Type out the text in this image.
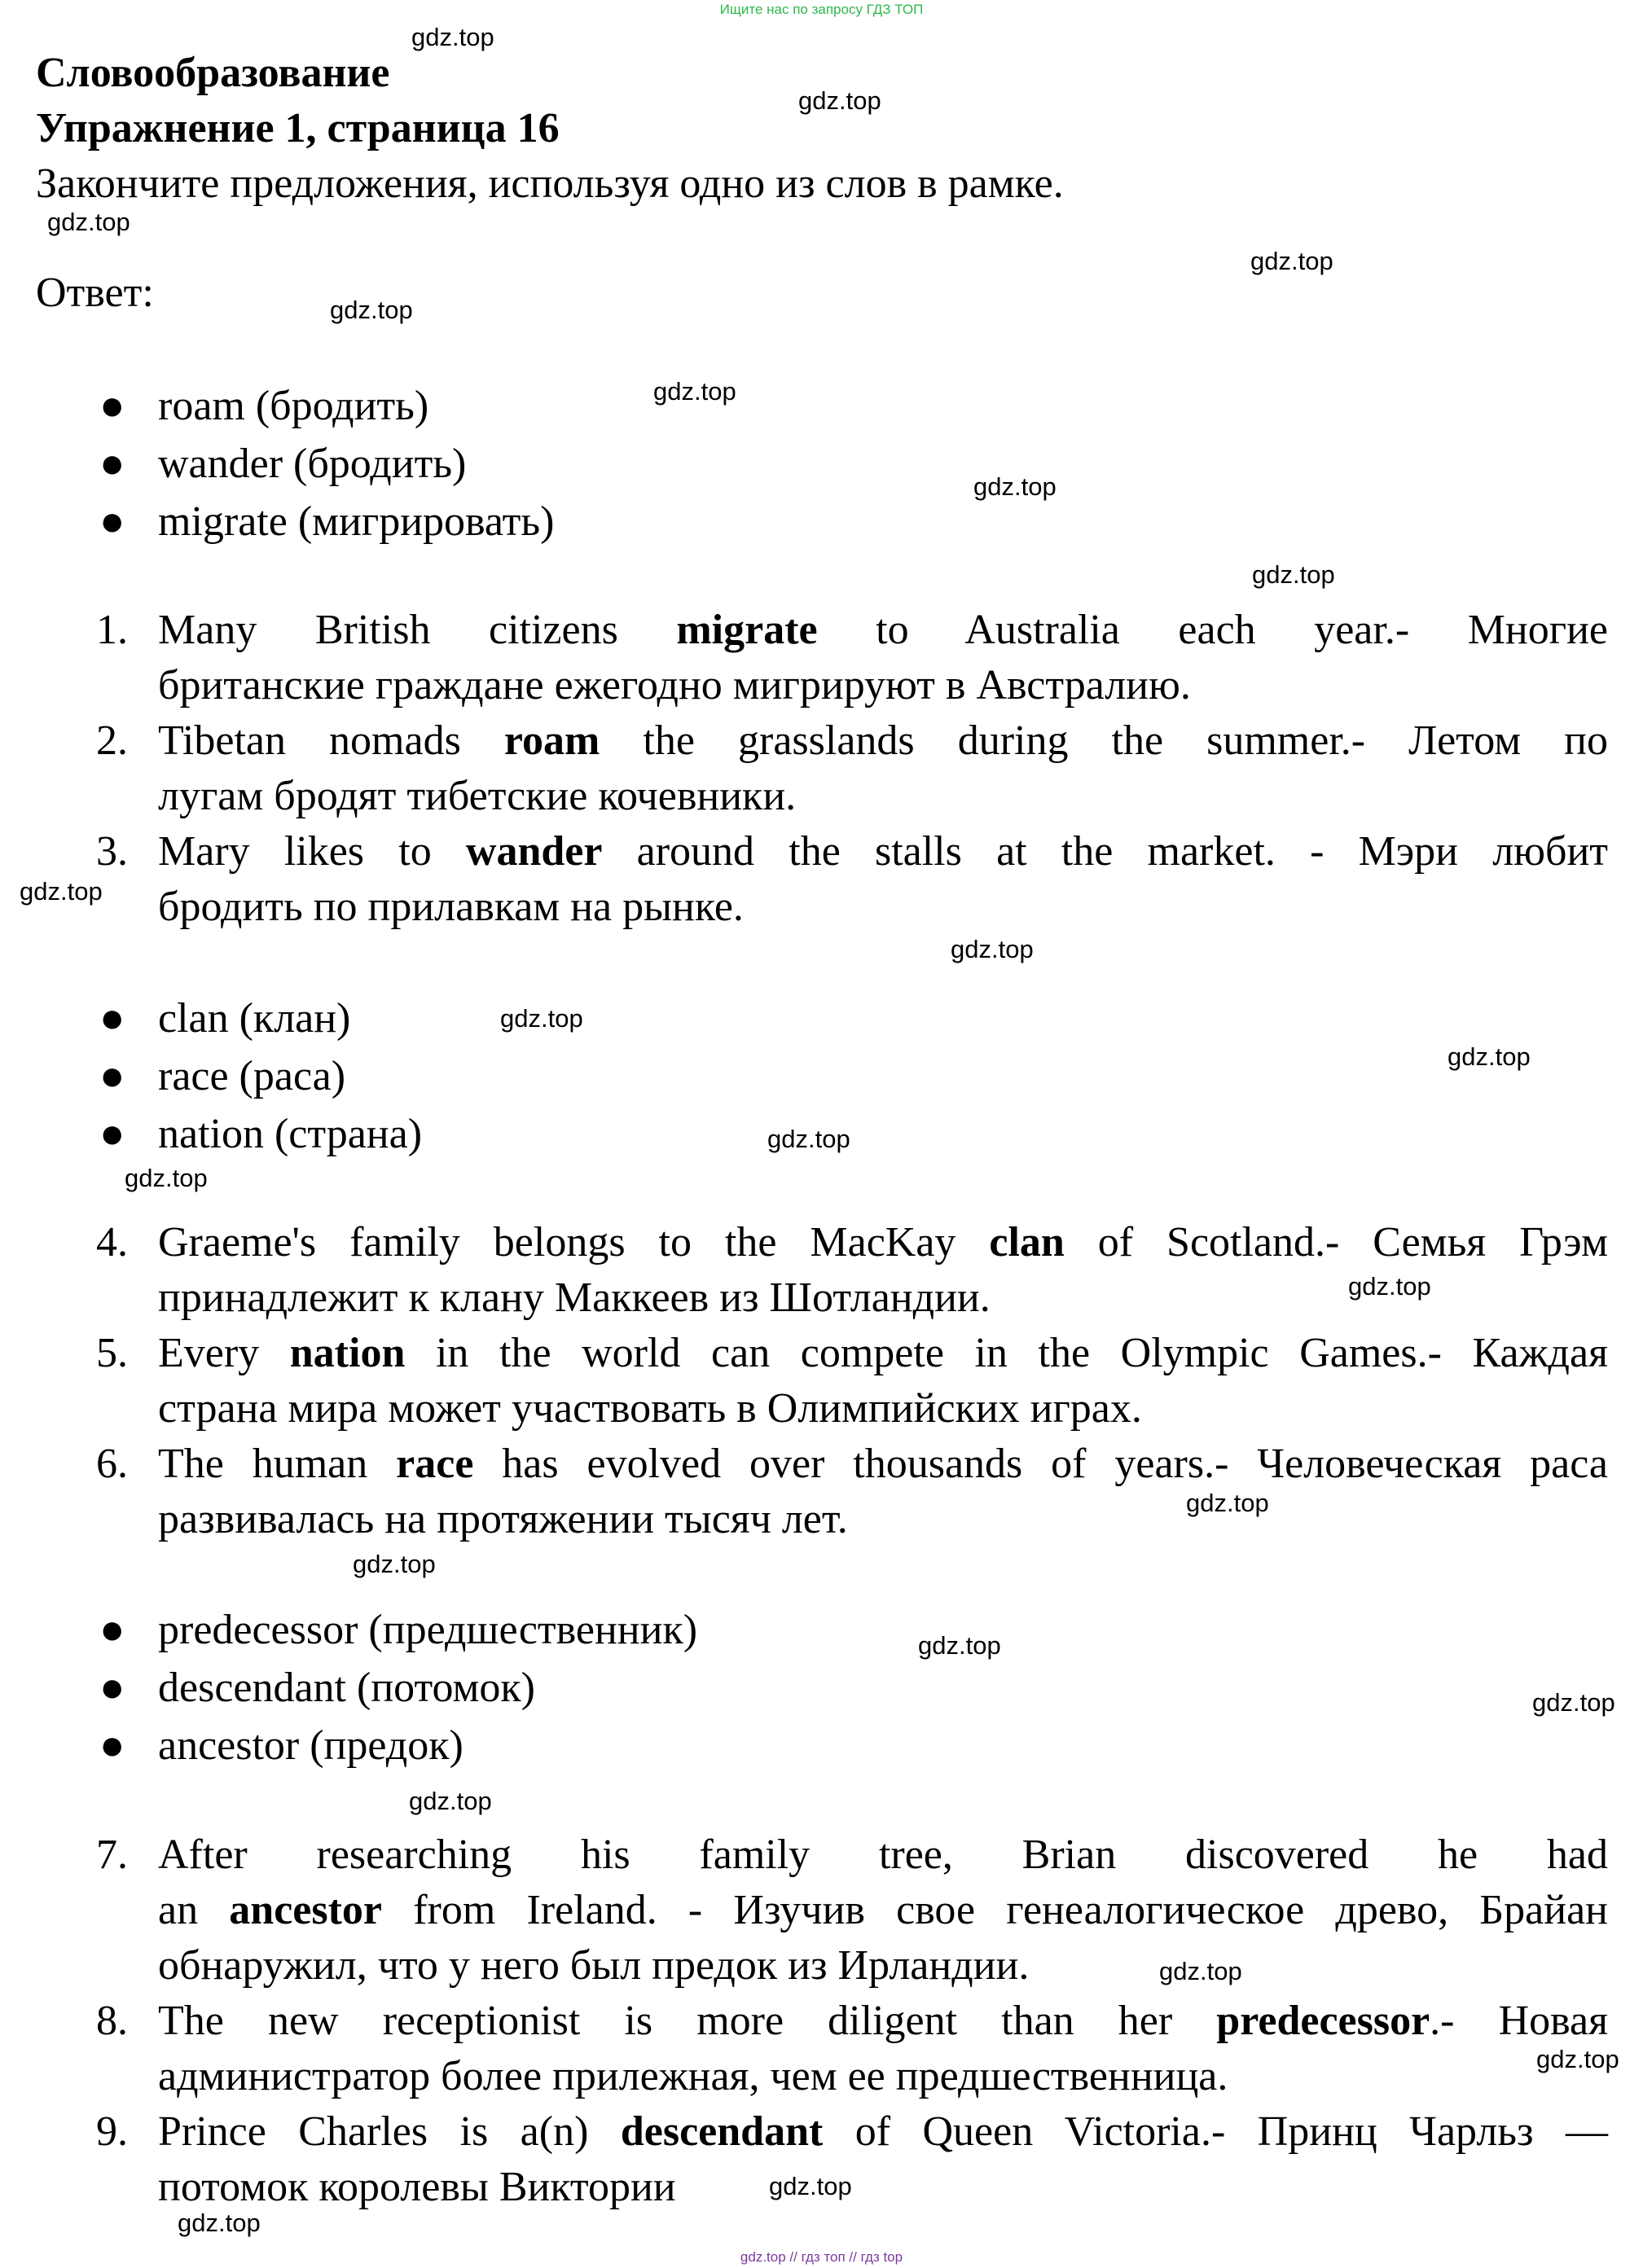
Ищите нас по запросу ГДЗ ТОП
Словообразование
Упражнение 1, страница 16
Закончите предложения, используя одно из слов в рамке.
Ответ:
● roam (бродить)
● wander (бродить)
● migrate (мигрировать)
1. Many British citizens migrate to Australia each year.- Многие
британские граждане ежегодно мигрируют в Австралию.
2. Tibetan nomads roam the grasslands during the summer.- Летом по
лугам бродят тибетские кочевники.
3. Mary likes to wander around the stalls at the market. - Мэри любит
бродить по прилавкам на рынке.
● clan (клан)
● race (раса)
● nation (страна)
4. Graeme's family belongs to the MacKay clan of Scotland.- Семья Грэм
принадлежит к клану Маккеев из Шотландии.
5. Every nation in the world can compete in the Olympic Games.- Каждая
страна мира может участвовать в Олимпийских играх.
6. The human race has evolved over thousands of years.- Человеческая раса
развивалась на протяжении тысяч лет.
● predecessor (предшественник)
● descendant (потомок)
● ancestor (предок)
7. After researching his family tree, Brian discovered he had
an ancestor from Ireland. - Изучив свое генеалогическое древо, Брайан
обнаружил, что у него был предок из Ирландии.
8. The new receptionist is more diligent than her predecessor.- Новая
администратор более прилежная, чем ее предшественница.
9. Prince Charles is a(n) descendant of Queen Victoria.- Принц Чарльз —
потомок королевы Виктории
gdz.top
gdz.top
gdz.top
gdz.top
gdz.top
gdz.top
gdz.top
gdz.top
gdz.top
gdz.top
gdz.top
gdz.top
gdz.top
gdz.top
gdz.top
gdz.top
gdz.top
gdz.top
gdz.top
gdz.top
gdz.top
gdz.top
gdz.top
gdz.top
gdz.top // гдз топ // гдз top
